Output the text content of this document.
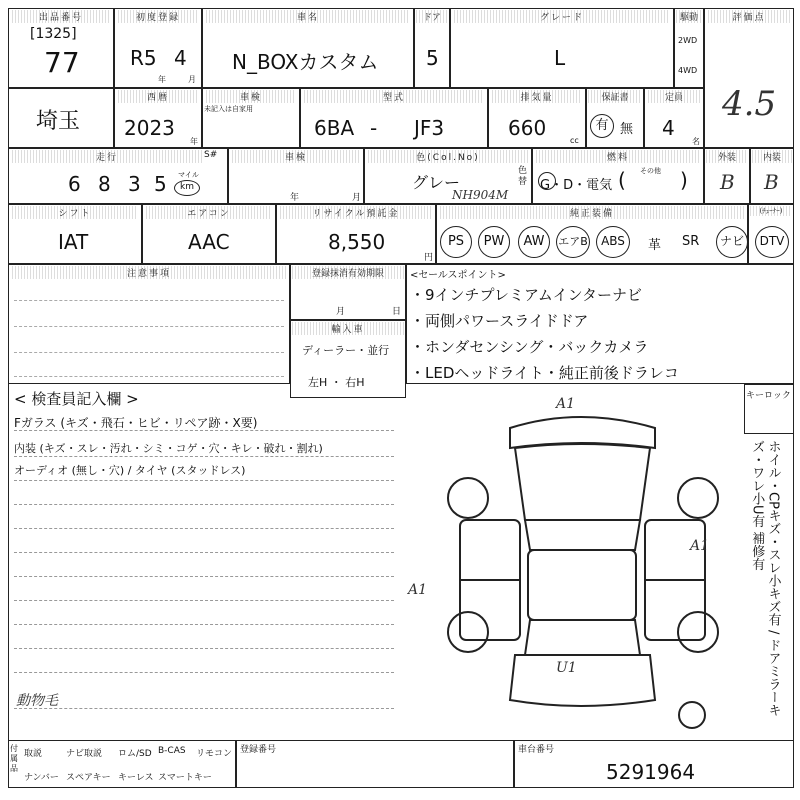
出品番号
[1325]
77
初度登録
R5 4
年	月
車名
N_BOXカスタム
ドア
5
グレード
L
駆動
2WD
4WD
評価点
4.5
埼玉
西暦
2023
年
車検
未記入は自家用
型式
6BA - JF3
排気量
660
cc
保証書
有 無
定員
4
名
走行	S#
6 8 3 5 マイル
km
車検
年	月
色(Col.No)
グレー
NH904M
色替
燃料
G・D・電気 ( その他 )
外装
B
内装
B
シフト
IAT
エアコン
AAC
リサイクル預託金
8,550
円
純正装備
PS	PW	AW	エアB	ABS	革 SR	ナビ
(ﾁｭｰﾅｰ)
DTV
注意事項	登録抹消有効期限
月	日
輸入車
ディーラー・並行
左H ・ 右H
<セールスポイント>
・9インチプレミアムインターナビ
・両側パワースライドドア
・ホンダセンシング・バックカメラ
・LEDヘッドライト・純正前後ドラレコ
< 検査員記入欄 >
Fガラス (キズ・飛石・ヒビ・リペア跡・X要)
内装 (キズ・スレ・汚れ・シミ・コゲ・穴・キレ・破れ・割れ)
オーディオ (無し・穴) / タイヤ (スタッドレス)
動物毛
A1
A1
A1
U1
キーロック
ホイル・CPキズ・スレ小キズ有 / ドアミラーキズ・ワレ小U有 補修有
付属品
取説	ナビ取説 ロム/SD B-CAS リモコン
ナンバー スペアキー キーレス スマートキー
登録番号	車台番号
5291964
